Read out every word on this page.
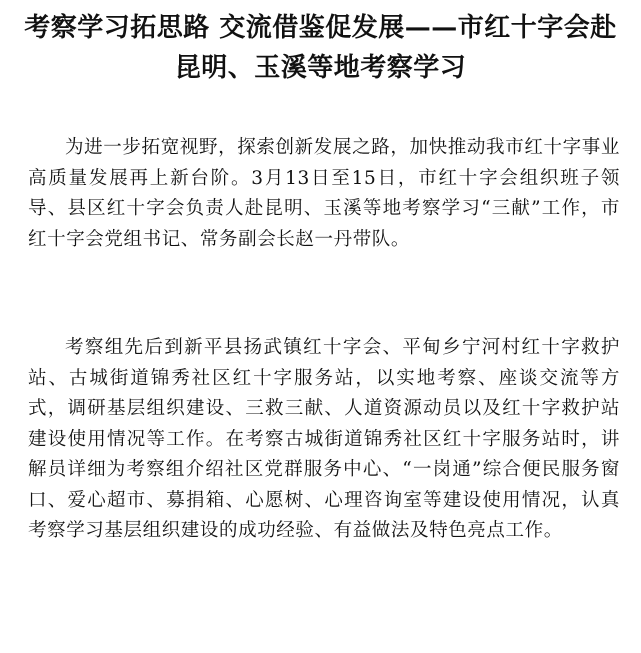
考察学习拓思路 交流借鉴促发展——市红十字会赴昆明、玉溪等地考察学习

为进一步拓宽视野，探索创新发展之路，加快推动我市红十字事业高质量发展再上新台阶。3月13日至15日，市红十字会组织班子领导、县区红十字会负责人赴昆明、玉溪等地考察学习“三献”工作，市红十字会党组书记、常务副会长赵一丹带队。

考察组先后到新平县扬武镇红十字会、平甸乡宁河村红十字救护站、古城街道锦秀社区红十字服务站，以实地考察、座谈交流等方式，调研基层组织建设、三救三献、人道资源动员以及红十字救护站建设使用情况等工作。在考察古城街道锦秀社区红十字服务站时，讲解员详细为考察组介绍社区党群服务中心、“一岗通”综合便民服务窗口、爱心超市、募捐箱、心愿树、心理咨询室等建设使用情况，认真考察学习基层组织建设的成功经验、有益做法及特色亮点工作。
